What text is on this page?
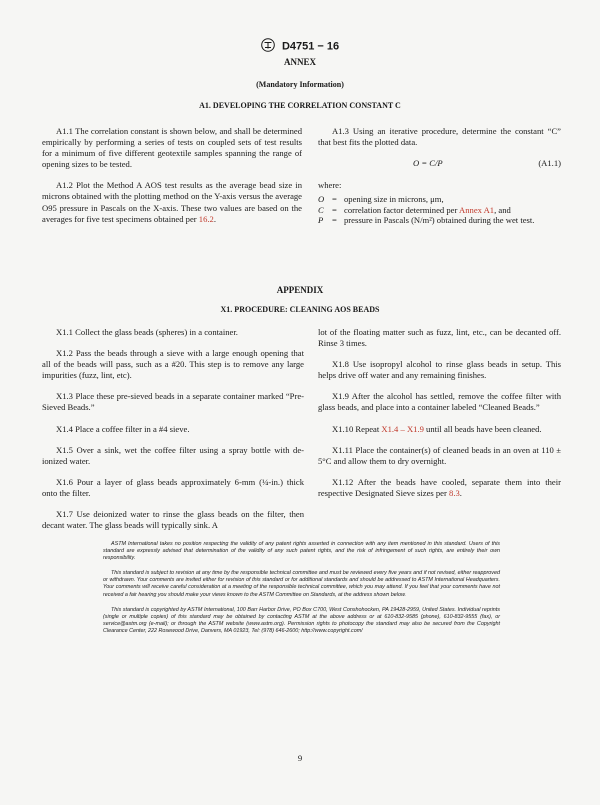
D4751 − 16
ANNEX
(Mandatory Information)
A1. DEVELOPING THE CORRELATION CONSTANT C

A1.1 The correlation constant is shown below, and shall be determined empirically by performing a series of tests on coupled sets of test results for a minimum of five different geotextile samples spanning the range of opening sizes to be tested.

A1.2 Plot the Method A AOS test results as the average bead size in microns obtained with the plotting method on the Y-axis versus the average O95 pressure in Pascals on the X-axis. These two values are based on the averages for five test specimens obtained per 16.2.

A1.3 Using an iterative procedure, determine the constant “C” that best fits the plotted data.

O = C/P	(A1.1)
where:
O = opening size in microns, μm,
C = correlation factor determined per Annex A1, and
P	= pressure in Pascals (N/m²) obtained during the wet test.
APPENDIX
X1. PROCEDURE: CLEANING AOS BEADS

X1.1 Collect the glass beads (spheres) in a container.

X1.2 Pass the beads through a sieve with a large enough opening that all of the beads will pass, such as a #20. This step is to remove any large impurities (fuzz, lint, etc).

X1.3 Place these pre-sieved beads in a separate container marked “Pre-Sieved Beads.”

X1.4 Place a coffee filter in a #4 sieve.

X1.5 Over a sink, wet the coffee filter using a spray bottle with de-ionized water.

X1.6 Pour a layer of glass beads approximately 6-mm (¼-in.) thick onto the filter.

X1.7 Use deionized water to rinse the glass beads on the filter, then decant water. The glass beads will typically sink. A

lot of the floating matter such as fuzz, lint, etc., can be decanted off. Rinse 3 times.

X1.8 Use isopropyl alcohol to rinse glass beads in setup. This helps drive off water and any remaining finishes.

X1.9 After the alcohol has settled, remove the coffee filter with glass beads, and place into a container labeled “Cleaned Beads.”

X1.10 Repeat X1.4 – X1.9 until all beads have been cleaned.

X1.11 Place the container(s) of cleaned beads in an oven at 110 ± 5°C and allow them to dry overnight.

X1.12 After the beads have cooled, separate them into their respective Designated Sieve sizes per 8.3.

ASTM International takes no position respecting the validity of any patent rights asserted in connection with any item mentioned in this standard. Users of this standard are expressly advised that determination of the validity of any such patent rights, and the risk of infringement of such rights, are entirely their own responsibility.

This standard is subject to revision at any time by the responsible technical committee and must be reviewed every five years and if not revised, either reapproved or withdrawn. Your comments are invited either for revision of this standard or for additional standards and should be addressed to ASTM International Headquarters. Your comments will receive careful consideration at a meeting of the responsible technical committee, which you may attend. If you feel that your comments have not received a fair hearing you should make your views known to the ASTM Committee on Standards, at the address shown below.

This standard is copyrighted by ASTM International, 100 Barr Harbor Drive, PO Box C700, West Conshohocken, PA 19428-2959, United States. Individual reprints (single or multiple copies) of this standard may be obtained by contacting ASTM at the above address or at 610-832-9585 (phone), 610-832-9555 (fax), or service@astm.org (e-mail); or through the ASTM website (www.astm.org). Permission rights to photocopy the standard may also be secured from the Copyright Clearance Center, 222 Rosewood Drive, Danvers, MA 01923, Tel: (978) 646-2600; http://www.copyright.com/

9
